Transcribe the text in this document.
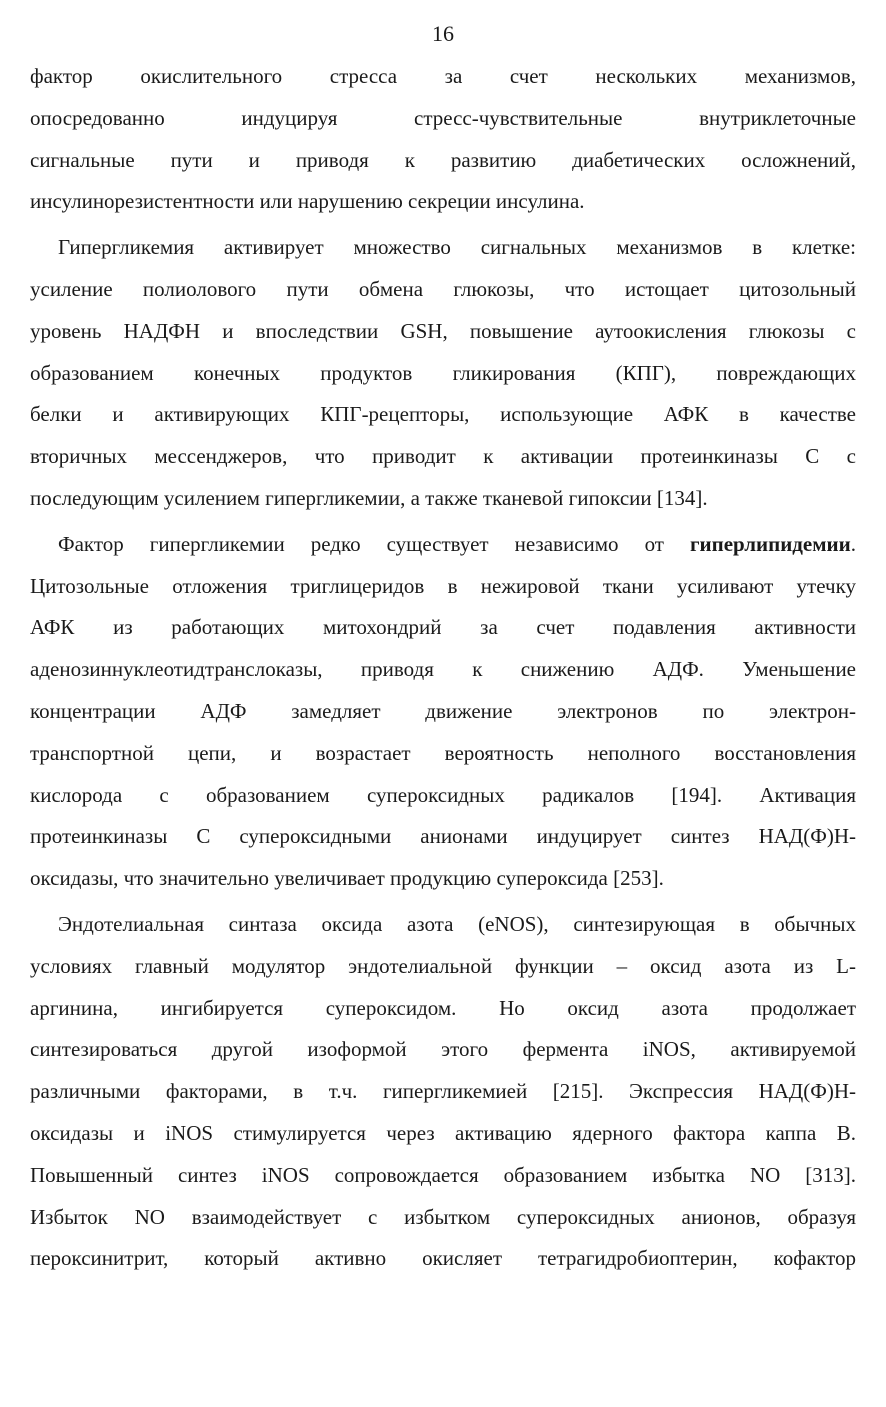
16
фактор окислительного стресса за счет нескольких механизмов,
опосредованно индуцируя стресс-чувствительные внутриклеточные
сигнальные пути и приводя к развитию диабетических осложнений,
инсулинорезистентности или нарушению секреции инсулина.
Гипергликемия активирует множество сигнальных механизмов в клетке:
усиление полиолового пути обмена глюкозы, что истощает цитозольный
уровень НАДФН и впоследствии GSH, повышение аутоокисления глюкозы с
образованием конечных продуктов гликирования (КПГ), повреждающих
белки и активирующих КПГ-рецепторы, использующие АФК в качестве
вторичных мессенджеров, что приводит к активации протеинкиназы С с
последующим усилением гипергликемии, а также тканевой гипоксии [134].
Фактор гипергликемии редко существует независимо от гиперлипидемии.
Цитозольные отложения триглицеридов в нежировой ткани усиливают утечку
АФК из работающих митохондрий за счет подавления активности
аденозиннуклеотидтранслоказы, приводя к снижению АДФ. Уменьшение
концентрации АДФ замедляет движение электронов по электрон-
транспортной цепи, и возрастает вероятность неполного восстановления
кислорода с образованием супероксидных радикалов [194]. Активация
протеинкиназы С супероксидными анионами индуцирует синтез НАД(Ф)Н-
оксидазы, что значительно увеличивает продукцию супероксида [253].
Эндотелиальная синтаза оксида азота (eNOS), синтезирующая в обычных
условиях главный модулятор эндотелиальной функции – оксид азота из L-
аргинина, ингибируется супероксидом. Но оксид азота продолжает
синтезироваться другой изоформой этого фермента iNOS, активируемой
различными факторами, в т.ч. гипергликемией [215]. Экспрессия НАД(Ф)Н-
оксидазы и iNOS стимулируется через активацию ядерного фактора каппа В.
Повышенный синтез iNOS сопровождается образованием избытка NO [313].
Избыток NO взаимодействует с избытком супероксидных анионов, образуя
пероксинитрит, который активно окисляет тетрагидробиоптерин, кофактор
